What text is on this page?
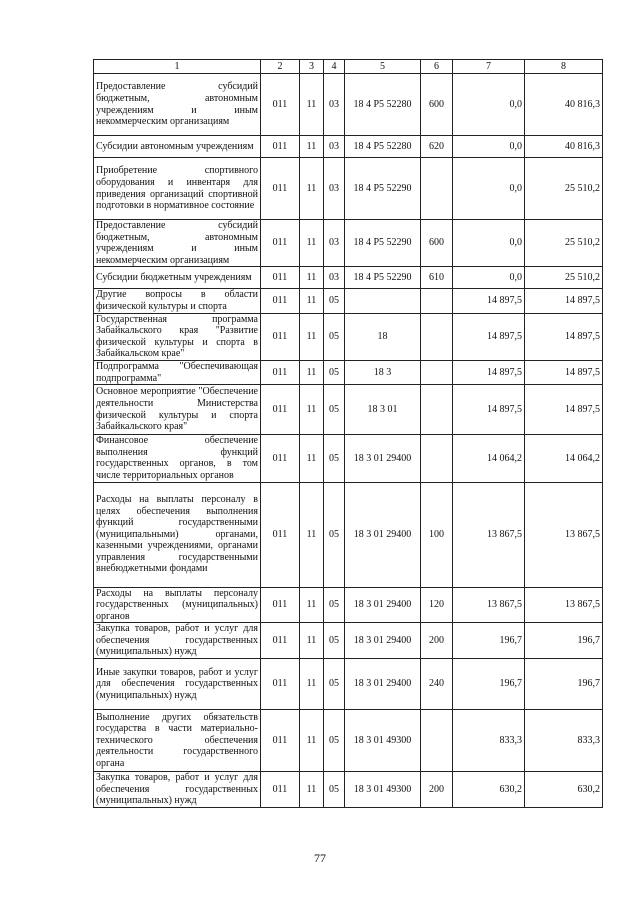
1	2	3	4	5	6	7	8
Предоставление субсидий бюджетным, автономным учреждениям и иным некоммерческим организациям	011	11	03	18 4 P5 52280	600	0,0	40 816,3
Субсидии автономным учреждениям	011	11	03	18 4 P5 52280	620	0,0	40 816,3
Приобретение спортивного оборудования и инвентаря для приведения организаций спортивной подготовки в нормативное состояние	011	11	03	18 4 P5 52290		0,0	25 510,2
Предоставление субсидий бюджетным, автономным учреждениям и иным некоммерческим организациям	011	11	03	18 4 P5 52290	600	0,0	25 510,2
Субсидии бюджетным учреждениям	011	11	03	18 4 P5 52290	610	0,0	25 510,2
Другие вопросы в области физической культуры и спорта	011	11	05			14 897,5	14 897,5
Государственная программа Забайкальского края "Развитие физической культуры и спорта в Забайкальском крае"	011	11	05	18		14 897,5	14 897,5
Подпрограмма "Обеспечивающая подпрограмма"	011	11	05	18 3		14 897,5	14 897,5
Основное мероприятие "Обеспечение деятельности Министерства физической культуры и спорта Забайкальского края"	011	11	05	18 3 01		14 897,5	14 897,5
Финансовое обеспечение выполнения функций государственных органов, в том числе территориальных органов	011	11	05	18 3 01 29400		14 064,2	14 064,2
Расходы на выплаты персоналу в целях обеспечения выполнения функций государственными (муниципальными) органами, казенными учреждениями, органами управления государственными внебюджетными фондами	011	11	05	18 3 01 29400	100	13 867,5	13 867,5
Расходы на выплаты персоналу государственных (муниципальных) органов	011	11	05	18 3 01 29400	120	13 867,5	13 867,5
Закупка товаров, работ и услуг для обеспечения государственных (муниципальных) нужд	011	11	05	18 3 01 29400	200	196,7	196,7
Иные закупки товаров, работ и услуг для обеспечения государственных (муниципальных) нужд	011	11	05	18 3 01 29400	240	196,7	196,7
Выполнение других обязательств государства в части материально-технического обеспечения деятельности государственного органа	011	11	05	18 3 01 49300		833,3	833,3
Закупка товаров, работ и услуг для обеспечения государственных (муниципальных) нужд	011	11	05	18 3 01 49300	200	630,2	630,2
77
